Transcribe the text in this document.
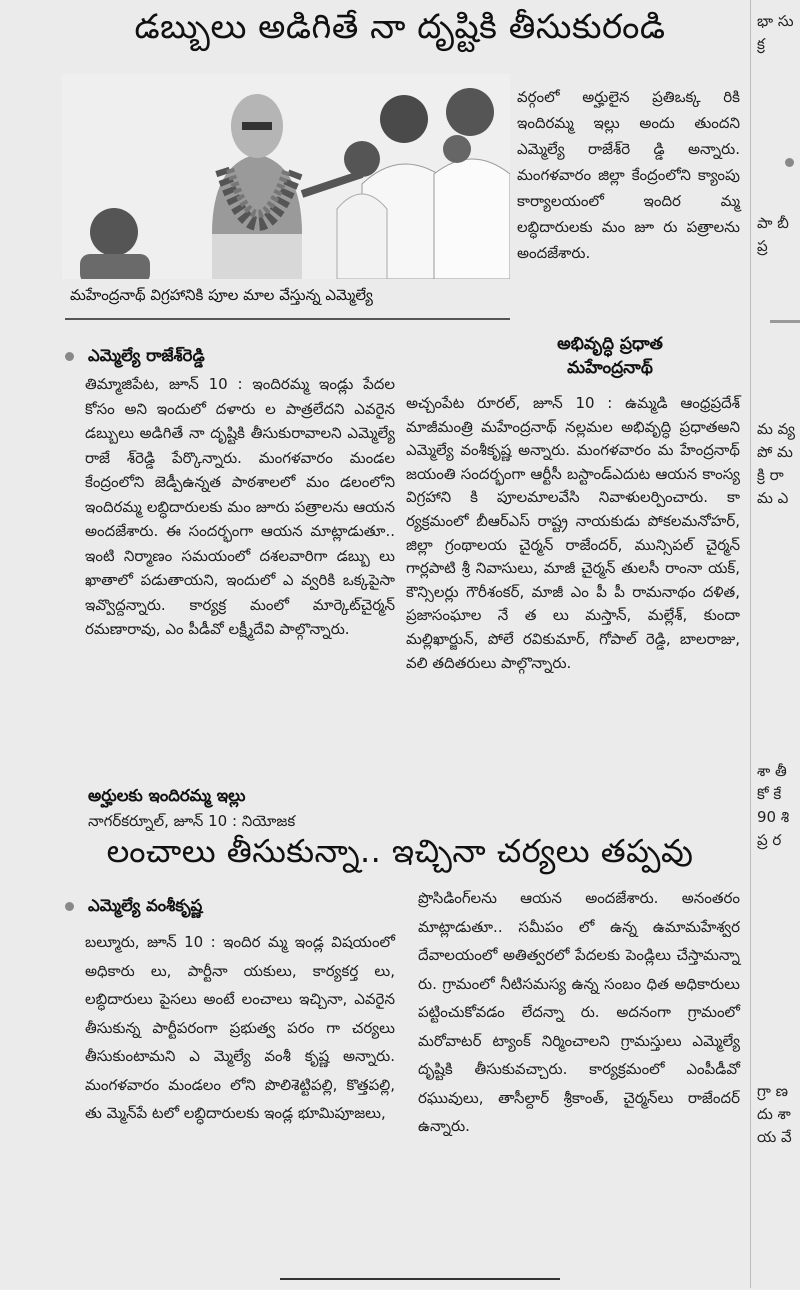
డబ్బులు అడిగితే నా దృష్టికి తీసుకురండి
మహేంద్రనాథ్ విగ్రహానికి పూల మాల వేస్తున్న ఎమ్మెల్యే
వర్గంలో అర్హులైన ప్రతిఒక్క రికి ఇందిరమ్మ ఇల్లు అందు తుందని ఎమ్మెల్యే రాజేశ్‌రె డ్డి అన్నారు. మంగళవారం జిల్లా కేంద్రంలోని క్యాంపు కార్యాలయంలో ఇందిర మ్మ లబ్ధిదారులకు మం జూ రు పత్రాలను అందజేశారు.
ఎమ్మెల్యే రాజేశ్‌రెడ్డి
తిమ్మాజిపేట, జూన్ 10 : ఇందిరమ్మ ఇండ్లు పేదల కోసం అని ఇందులో దళారు ల పాత్రలేదని ఎవరైన డబ్బులు అడిగితే నా దృష్టికి తీసుకురావాలని ఎమ్మెల్యే రాజే శ్‌రెడ్డి పేర్కొన్నారు. మంగళవారం మండల కేంద్రంలోని జెడ్పీఉన్నత పాఠశాలలో మం డలంలోని ఇందిరమ్మ లబ్ధిదారులకు మం జూరు పత్రాలను ఆయన అందజేశారు. ఈ సందర్భంగా ఆయన మాట్లాడుతూ.. ఇంటి నిర్మాణం సమయంలో దశలవారిగా డబ్బు లు ఖాతాలో పడుతాయని, ఇందులో ఎ వ్వరికి ఒక్కపైసా ఇవ్వొద్దన్నారు. కార్యక్ర మంలో మార్కెట్‌చైర్మన్ రమణారావు, ఎం పీడీవో లక్ష్మీదేవి పాల్గొన్నారు.
అర్హులకు ఇందిరమ్మ ఇల్లు
నాగర్‌కర్నూల్, జూన్ 10 : నియోజక
అభివృద్ధి ప్రధాత
మహేంద్రనాథ్
అచ్చంపేట రూరల్, జూన్ 10 : ఉమ్మడి ఆంధ్రప్రదేశ్ మాజీమంత్రి మహేంద్రనాథ్ నల్లమల అభివృద్ధి ప్రధాతఅని ఎమ్మెల్యే వంశీకృష్ణ అన్నారు. మంగళవారం మ హేంద్రనాథ్ జయంతి సందర్భంగా ఆర్టీసీ బస్టాండ్ఎదుట ఆయన కాంస్య విగ్రహాని కి పూలమాలవేసి నివాళులర్పించారు. కా ర్యక్రమంలో బీఆర్ఎస్ రాష్ట్ర నాయకుడు పోకలమనోహర్, జిల్లా గ్రంథాలయ చైర్మన్ రాజేందర్, మున్సిపల్ చైర్మన్ గార్లపాటి శ్రీ నివాసులు, మాజీ చైర్మన్ తులసీ రాంనా యక్, కౌన్సిలర్లు గౌరీశంకర్, మాజీ ఎం పీ పీ రామనాథం దళిత, ప్రజాసంఘాల నే త లు మస్తాన్, మల్లేశ్, కుందా మల్లిఖార్జున్, పోలే రవికుమార్, గోపాల్ రెడ్డి, బాలరాజు, వలి తదితరులు పాల్గొన్నారు.
లంచాలు తీసుకున్నా.. ఇచ్చినా చర్యలు తప్పవు
ఎమ్మెల్యే వంశీకృష్ణ
బల్మూరు, జూన్ 10 : ఇందిర మ్మ ఇండ్ల విషయంలో అధికారు లు, పార్టీనా యకులు, కార్యకర్త లు, లబ్ధిదారులు పైసలు అంటే లంచాలు ఇచ్చినా, ఎవరైన తీసుకున్న పార్టీపరంగా ప్రభుత్వ పరం గా చర్యలు తీసుకుంటామని ఎ మ్మెల్యే వంశీ కృష్ణ అన్నారు. మంగళవారం మండలం లోని పొలిశెట్టిపల్లి, కొత్తపల్లి, తు మ్మెన్‌పే టలో లబ్ధిదారులకు ఇండ్ల భూమిపూజలు,
ప్రొసిడింగ్‌లను ఆయన అందజేశారు. అనంతరం మాట్లాడుతూ.. సమీపం లో ఉన్న ఉమామహేశ్వర దేవాలయంలో అతిత్వరలో పేదలకు పెండ్లిలు చేస్తామన్నా రు. గ్రామంలో నీటిసమస్య ఉన్న సంబం ధిత అధికారులు పట్టించుకోవడం లేదన్నా రు. అదనంగా గ్రామంలో మరోవాటర్ ట్యాంక్ నిర్మించాలని గ్రామస్తులు ఎమ్మెల్యే దృష్టికి తీసుకువచ్చారు. కార్యక్రమంలో ఎంపీడీవో రఘువులు, తాసీల్దార్ శ్రీకాంత్, చైర్మన్‌లు రాజేందర్ ఉన్నారు.
భా సు క్ర
పా బీ ప్ర
మ వ్య పో మ క్రి రా మ ఎ
శా తీ కో కే 90 శి ప్ర ర
గ్రా ణ దు శా య వే
